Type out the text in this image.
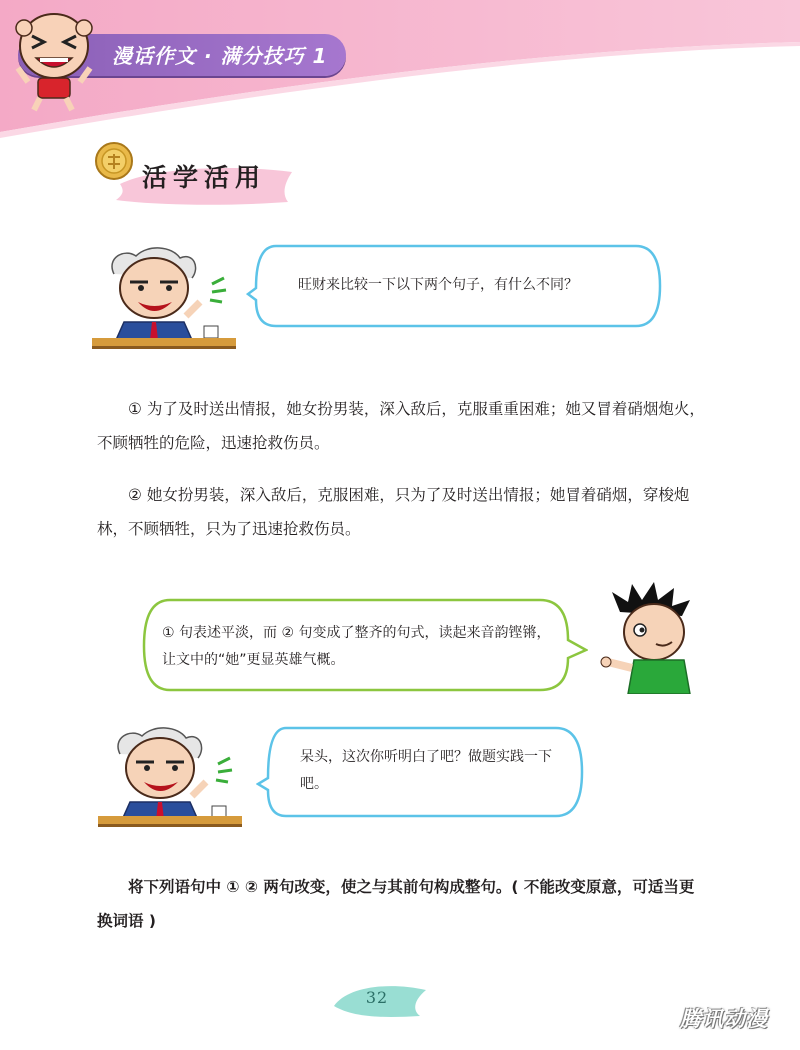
漫话作文 · 满分技巧 1
活学活用
旺财来比较一下以下两个句子，有什么不同？
① 为了及时送出情报，她女扮男装，深入敌后，克服重重困难；她又冒着硝烟炮火，不顾牺牲的危险，迅速抢救伤员。
② 她女扮男装，深入敌后，克服困难，只为了及时送出情报；她冒着硝烟，穿梭炮林，不顾牺牲，只为了迅速抢救伤员。
① 句表述平淡，而 ② 句变成了整齐的句式，读起来音韵铿锵，让文中的“她”更显英雄气概。
呆头，这次你听明白了吧？做题实践一下吧。
将下列语句中 ① ② 两句改变，使之与其前句构成整句。( 不能改变原意，可适当更换词语 )
32
腾讯动漫
